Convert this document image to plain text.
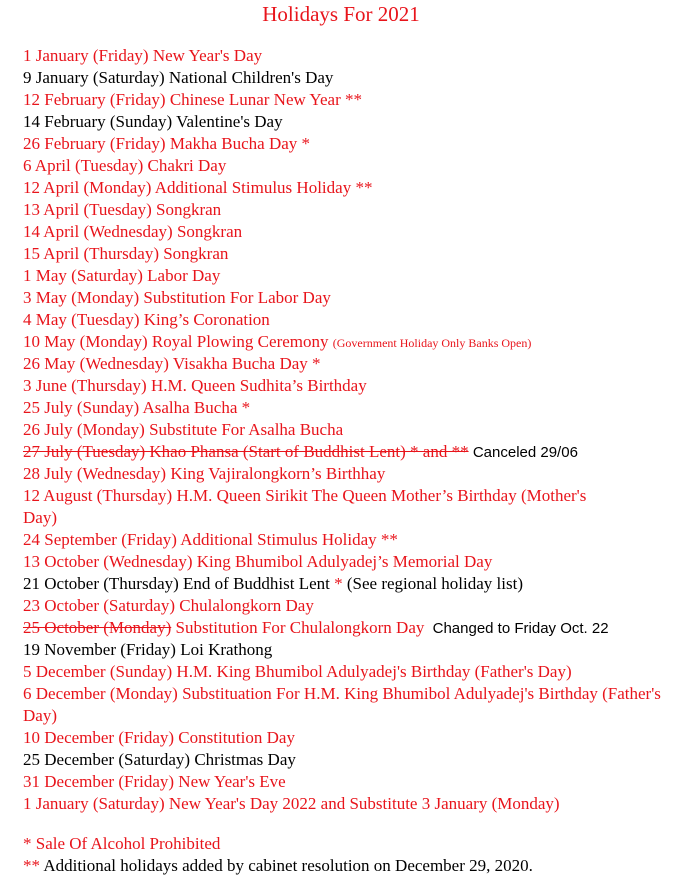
Holidays For 2021
1 January (Friday) New Year's Day
9 January (Saturday) National Children's Day
12 February (Friday) Chinese Lunar New Year **
14 February (Sunday) Valentine's Day
26 February (Friday) Makha Bucha Day *
6 April (Tuesday) Chakri Day
12 April (Monday) Additional Stimulus Holiday **
13 April (Tuesday) Songkran
14 April (Wednesday) Songkran
15 April (Thursday) Songkran
1 May (Saturday) Labor Day
3 May (Monday) Substitution For Labor Day
4 May (Tuesday) King’s Coronation
10 May (Monday) Royal Plowing Ceremony (Government Holiday Only Banks Open)
26 May (Wednesday) Visakha Bucha Day *
3 June (Thursday) H.M. Queen Sudhita’s Birthday
25 July (Sunday) Asalha Bucha *
26 July (Monday) Substitute For Asalha Bucha
27 July (Tuesday) Khao Phansa (Start of Buddhist Lent) * and ** Canceled 29/06
28 July (Wednesday) King Vajiralongkorn’s Birthhay
12 August (Thursday) H.M. Queen Sirikit The Queen Mother’s Birthday (Mother's Day)
24 September (Friday) Additional Stimulus Holiday **
13 October (Wednesday) King Bhumibol Adulyadej’s Memorial Day
21 October (Thursday) End of Buddhist Lent * (See regional holiday list)
23 October (Saturday) Chulalongkorn Day
25 October (Monday) Substitution For Chulalongkorn Day Changed to Friday Oct. 22
19 November (Friday) Loi Krathong
5 December (Sunday) H.M. King Bhumibol Adulyadej's Birthday (Father's Day)
6 December (Monday) Substituation For H.M. King Bhumibol Adulyadej's Birthday (Father's Day)
10 December (Friday) Constitution Day
25 December (Saturday) Christmas Day
31 December (Friday) New Year's Eve
1 January (Saturday) New Year's Day 2022 and Substitute 3 January (Monday)
* Sale Of Alcohol Prohibited
** Additional holidays added by cabinet resolution on December 29, 2020.
